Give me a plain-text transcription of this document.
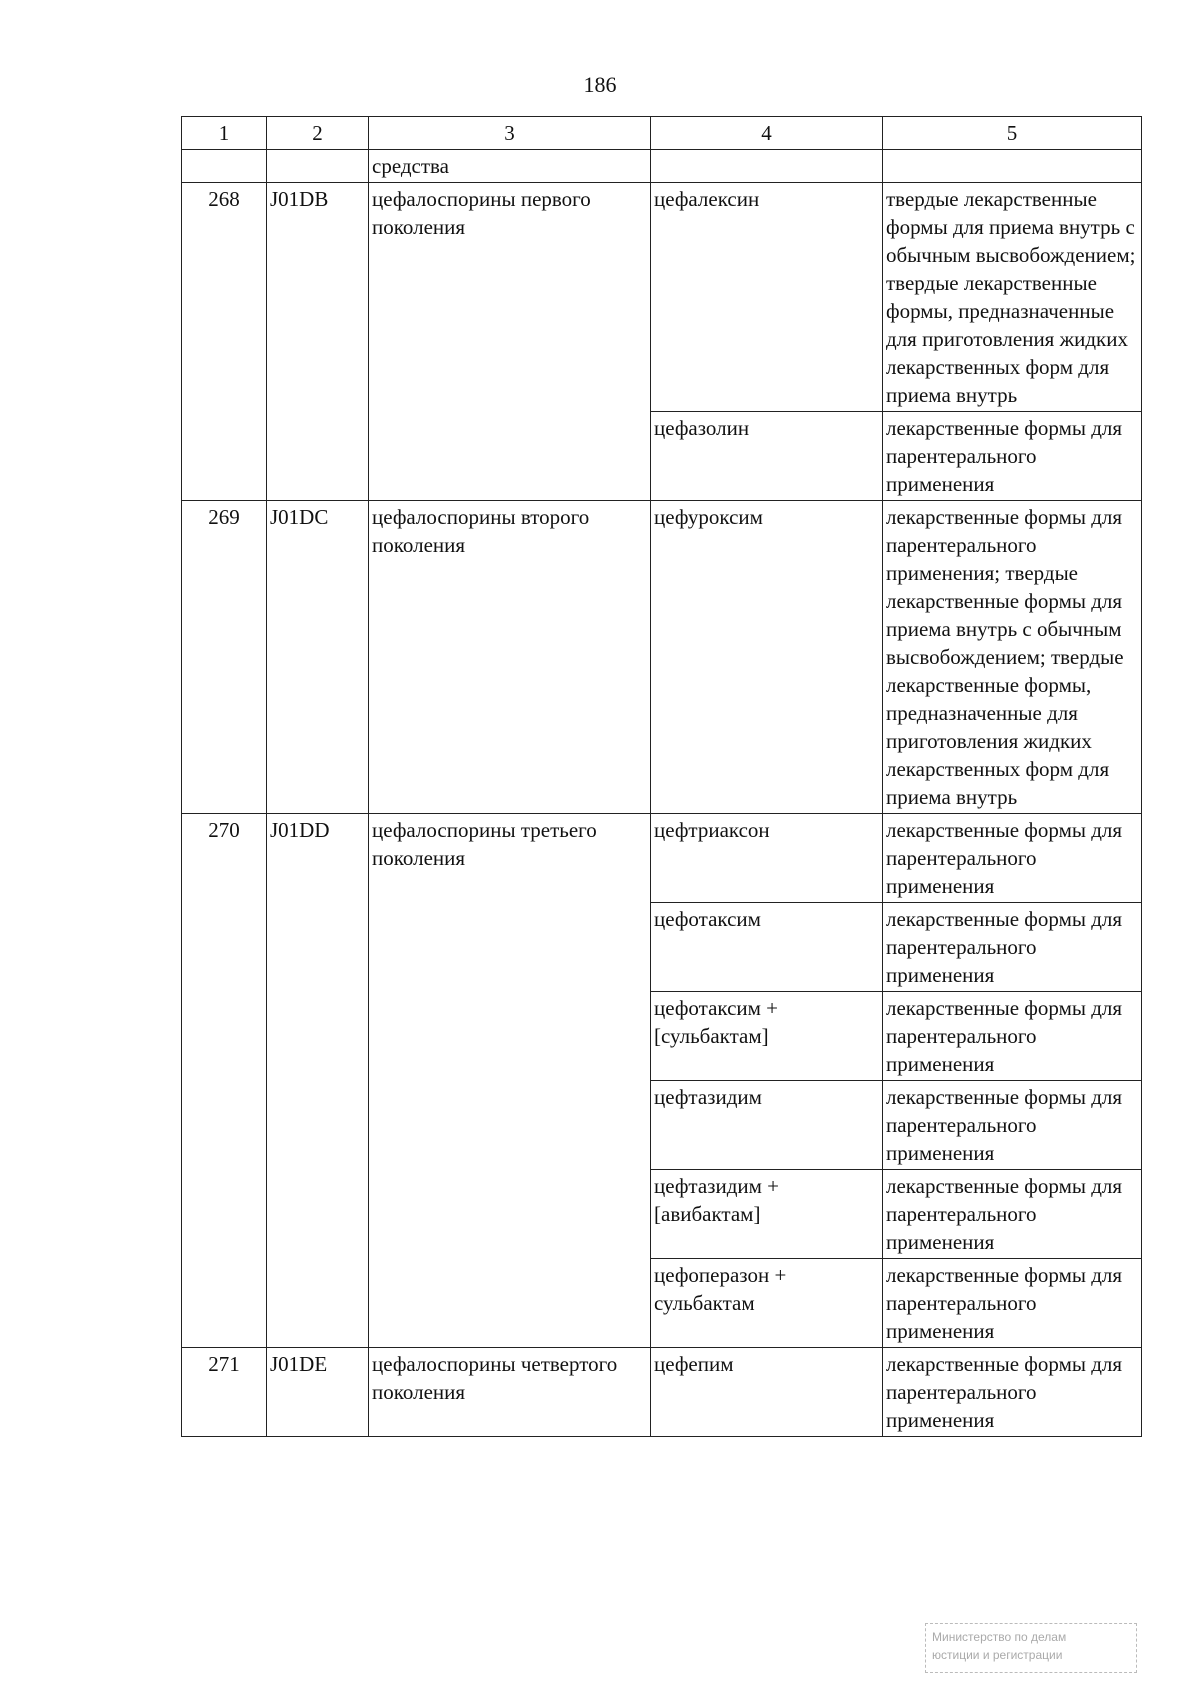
186
1	2	3	4	5
		средства		
268	J01DB	цефалоспорины первого поколения	цефалексин	твердые лекарственные формы для приема внутрь с обычным высвобождением; твердые лекарственные формы, предназначенные для приготовления жидких лекарственных форм для приема внутрь
			цефазолин	лекарственные формы для парентерального применения
269	J01DC	цефалоспорины второго поколения	цефуроксим	лекарственные формы для парентерального применения; твердые лекарственные формы для приема внутрь с обычным высвобождением; твердые лекарственные формы, предназначенные для приготовления жидких лекарственных форм для приема внутрь
270	J01DD	цефалоспорины третьего поколения	цефтриаксон	лекарственные формы для парентерального применения
			цефотаксим	лекарственные формы для парентерального применения
			цефотаксим + [сульбактам]	лекарственные формы для парентерального применения
			цефтазидим	лекарственные формы для парентерального применения
			цефтазидим + [авибактам]	лекарственные формы для парентерального применения
			цефоперазон + сульбактам	лекарственные формы для парентерального применения
271	J01DE	цефалоспорины четвертого поколения	цефепим	лекарственные формы для парентерального применения
Министерство по делам
юстиции и регистрации
